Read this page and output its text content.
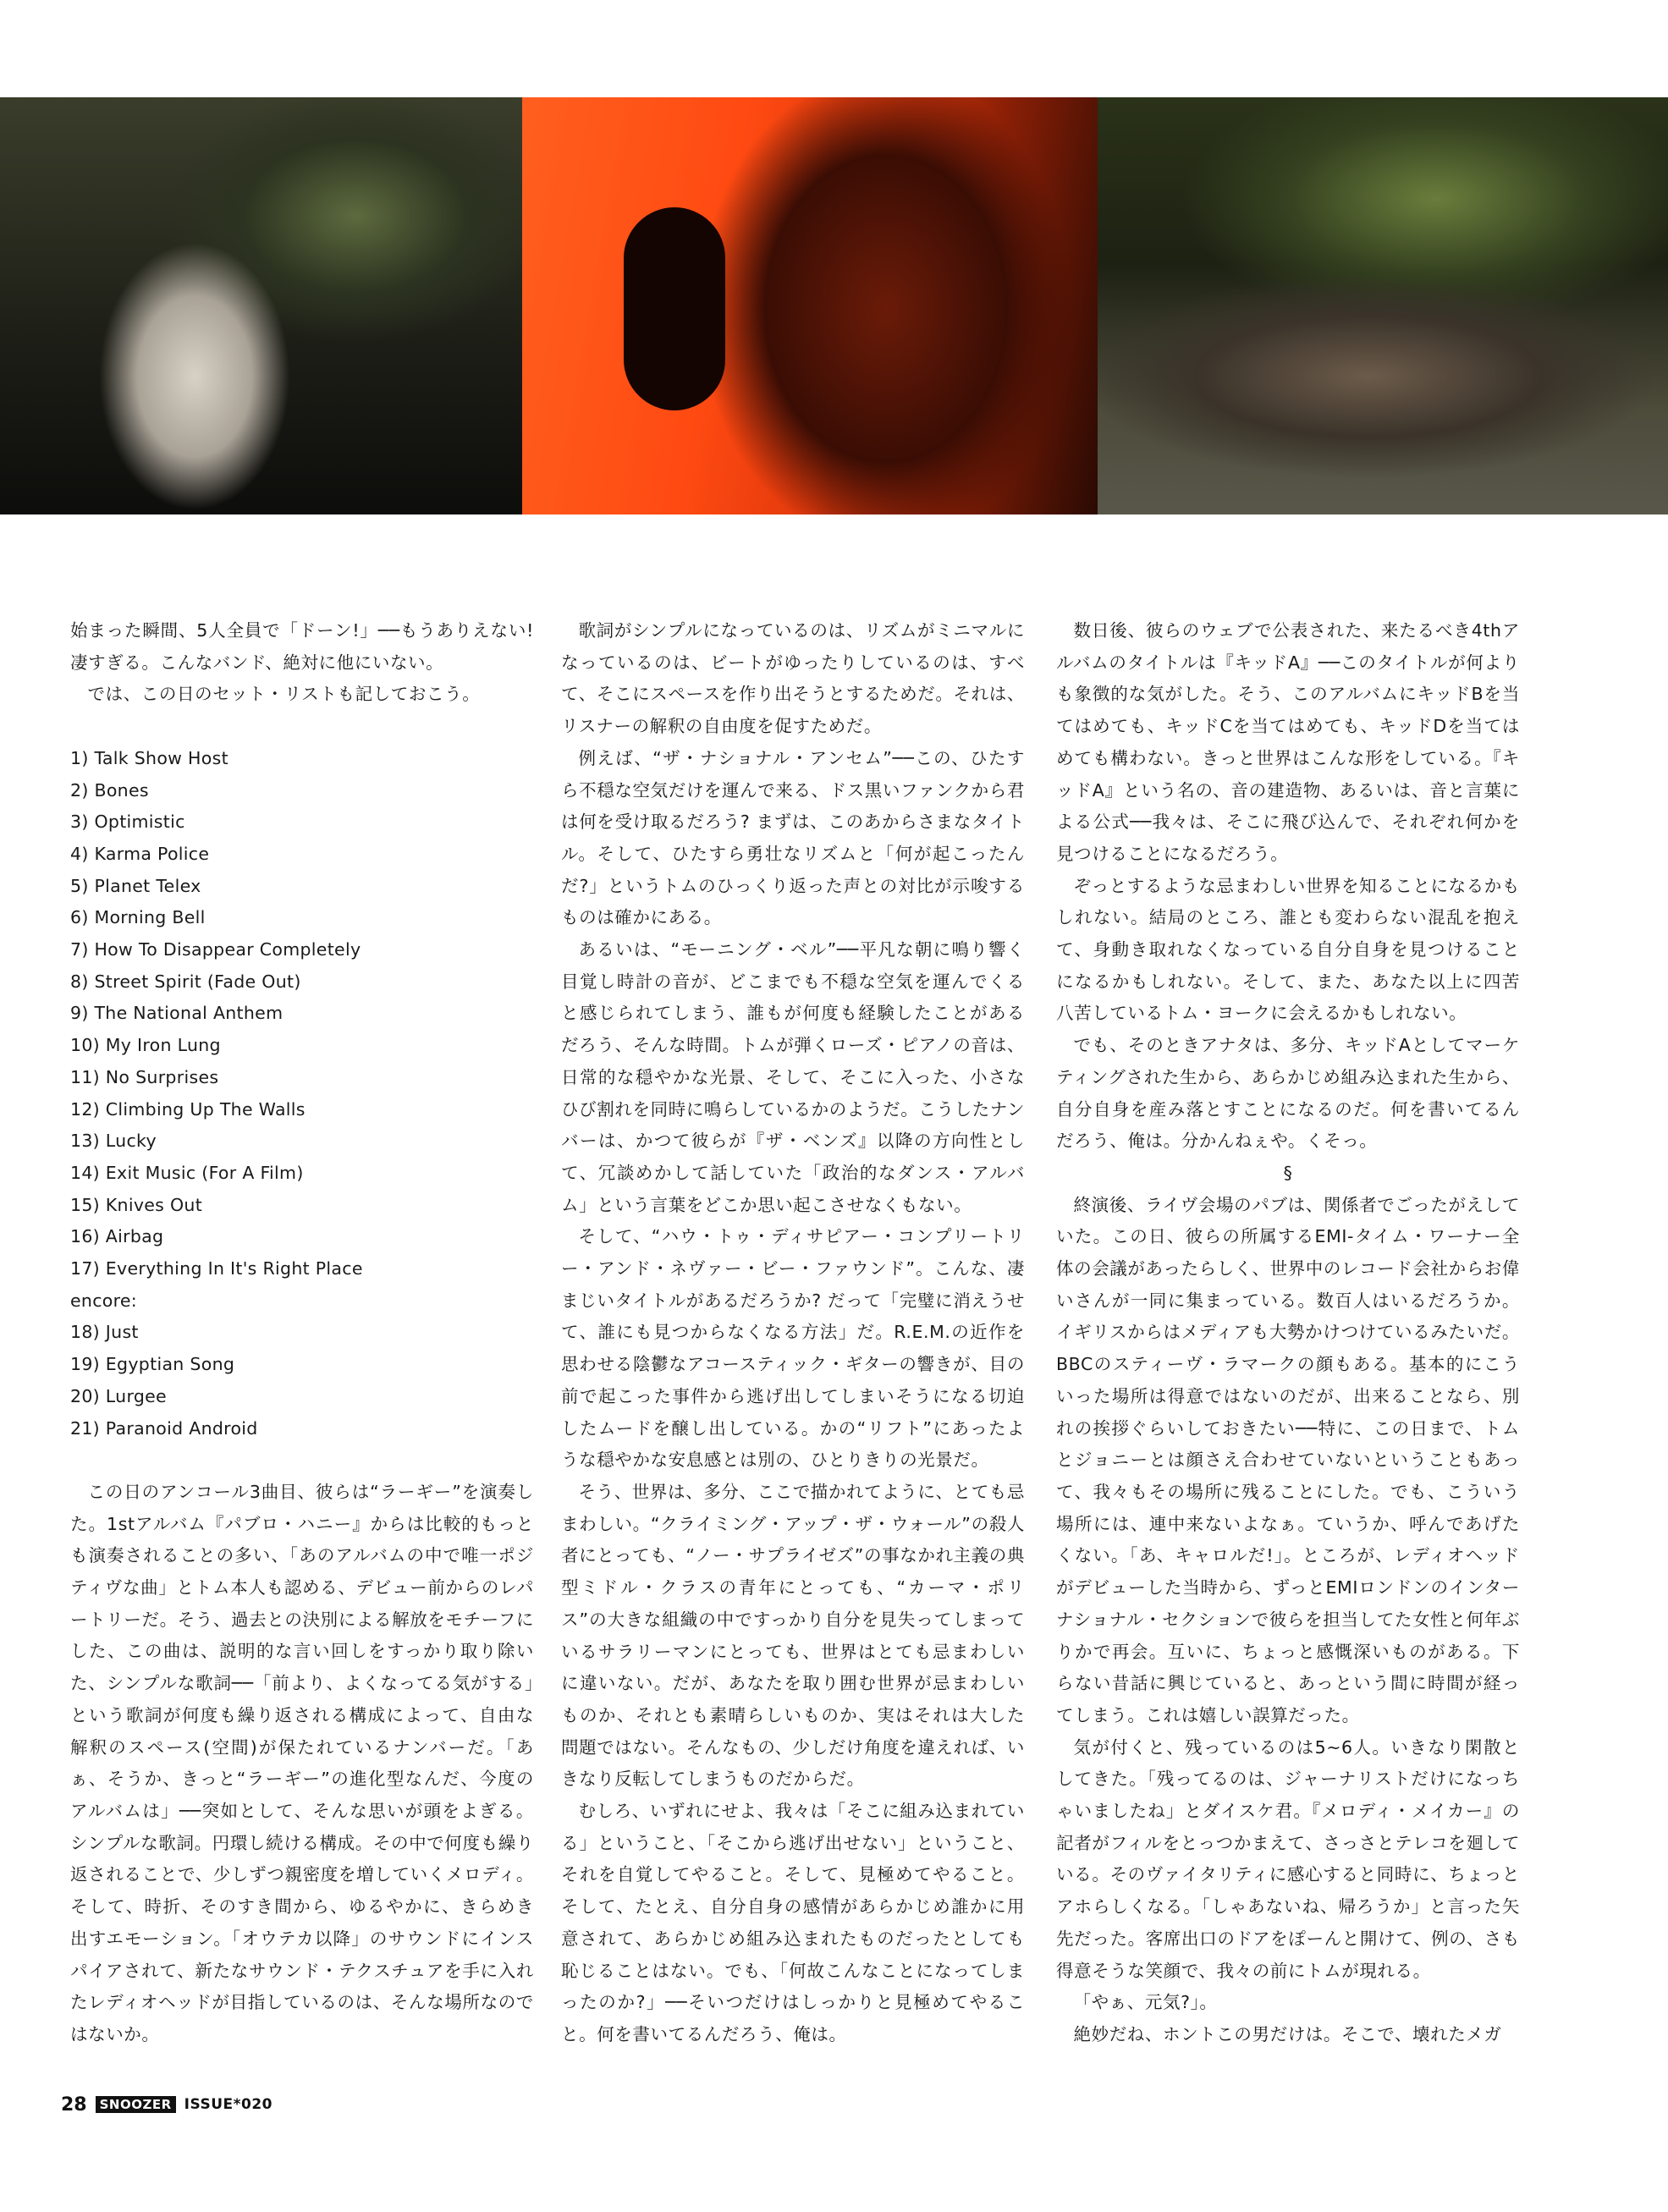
始まった瞬間、5人全員で「ドーン!」──もうありえない! 凄すぎる。こんなバンド、絶対に他にいない。

では、この日のセット・リストも記しておこう。

1) Talk Show Host
2) Bones
3) Optimistic
4) Karma Police
5) Planet Telex
6) Morning Bell
7) How To Disappear Completely
8) Street Spirit (Fade Out)
9) The National Anthem
10) My Iron Lung
11) No Surprises
12) Climbing Up The Walls
13) Lucky
14) Exit Music (For A Film)
15) Knives Out
16) Airbag
17) Everything In It's Right Place
encore:
18) Just
19) Egyptian Song
20) Lurgee
21) Paranoid Android

この日のアンコール3曲目、彼らは“ラーギー”を演奏した。1stアルバム『パブロ・ハニー』からは比較的もっとも演奏されることの多い、「あのアルバムの中で唯一ポジティヴな曲」とトム本人も認める、デビュー前からのレパートリーだ。そう、過去との決別による解放をモチーフにした、この曲は、説明的な言い回しをすっかり取り除いた、シンプルな歌詞──「前より、よくなってる気がする」という歌詞が何度も繰り返される構成によって、自由な解釈のスペース(空間)が保たれているナンバーだ。「あぁ、そうか、きっと“ラーギー”の進化型なんだ、今度のアルバムは」──突如として、そんな思いが頭をよぎる。シンプルな歌詞。円環し続ける構成。その中で何度も繰り返されることで、少しずつ親密度を増していくメロディ。そして、時折、そのすき間から、ゆるやかに、きらめき出すエモーション。「オウテカ以降」のサウンドにインスパイアされて、新たなサウンド・テクスチュアを手に入れたレディオヘッドが目指しているのは、そんな場所なのではないか。

歌詞がシンプルになっているのは、リズムがミニマルになっているのは、ビートがゆったりしているのは、すべて、そこにスペースを作り出そうとするためだ。それは、リスナーの解釈の自由度を促すためだ。

例えば、“ザ・ナショナル・アンセム”──この、ひたすら不穏な空気だけを運んで来る、ドス黒いファンクから君は何を受け取るだろう? まずは、このあからさまなタイトル。そして、ひたすら勇壮なリズムと「何が起こったんだ?」というトムのひっくり返った声との対比が示唆するものは確かにある。

あるいは、“モーニング・ベル”──平凡な朝に鳴り響く目覚し時計の音が、どこまでも不穏な空気を運んでくると感じられてしまう、誰もが何度も経験したことがあるだろう、そんな時間。トムが弾くローズ・ピアノの音は、日常的な穏やかな光景、そして、そこに入った、小さなひび割れを同時に鳴らしているかのようだ。こうしたナンバーは、かつて彼らが『ザ・ベンズ』以降の方向性として、冗談めかして話していた「政治的なダンス・アルバム」という言葉をどこか思い起こさせなくもない。

そして、“ハウ・トゥ・ディサピアー・コンプリートリー・アンド・ネヴァー・ビー・ファウンド”。こんな、凄まじいタイトルがあるだろうか? だって「完璧に消えうせて、誰にも見つからなくなる方法」だ。R.E.M.の近作を思わせる陰鬱なアコースティック・ギターの響きが、目の前で起こった事件から逃げ出してしまいそうになる切迫したムードを醸し出している。かの“リフト”にあったような穏やかな安息感とは別の、ひとりきりの光景だ。

そう、世界は、多分、ここで描かれてように、とても忌まわしい。“クライミング・アップ・ザ・ウォール”の殺人者にとっても、“ノー・サプライゼズ”の事なかれ主義の典型ミドル・クラスの青年にとっても、“カーマ・ポリス”の大きな組織の中ですっかり自分を見失ってしまっているサラリーマンにとっても、世界はとても忌まわしいに違いない。だが、あなたを取り囲む世界が忌まわしいものか、それとも素晴らしいものか、実はそれは大した問題ではない。そんなもの、少しだけ角度を違えれば、いきなり反転してしまうものだからだ。

むしろ、いずれにせよ、我々は「そこに組み込まれている」ということ、「そこから逃げ出せない」ということ、それを自覚してやること。そして、見極めてやること。そして、たとえ、自分自身の感情があらかじめ誰かに用意されて、あらかじめ組み込まれたものだったとしても恥じることはない。でも、「何故こんなことになってしまったのか?」──そいつだけはしっかりと見極めてやること。何を書いてるんだろう、俺は。

数日後、彼らのウェブで公表された、来たるべき4thアルバムのタイトルは『キッドA』──このタイトルが何よりも象徴的な気がした。そう、このアルバムにキッドBを当てはめても、キッドCを当てはめても、キッドDを当てはめても構わない。きっと世界はこんな形をしている。『キッドA』という名の、音の建造物、あるいは、音と言葉による公式──我々は、そこに飛び込んで、それぞれ何かを見つけることになるだろう。

ぞっとするような忌まわしい世界を知ることになるかもしれない。結局のところ、誰とも変わらない混乱を抱えて、身動き取れなくなっている自分自身を見つけることになるかもしれない。そして、また、あなた以上に四苦八苦しているトム・ヨークに会えるかもしれない。

でも、そのときアナタは、多分、キッドAとしてマーケティングされた生から、あらかじめ組み込まれた生から、自分自身を産み落とすことになるのだ。何を書いてるんだろう、俺は。分かんねぇや。くそっ。

§

終演後、ライヴ会場のパブは、関係者でごったがえしていた。この日、彼らの所属するEMI-タイム・ワーナー全体の会議があったらしく、世界中のレコード会社からお偉いさんが一同に集まっている。数百人はいるだろうか。イギリスからはメディアも大勢かけつけているみたいだ。BBCのスティーヴ・ラマークの顔もある。基本的にこういった場所は得意ではないのだが、出来ることなら、別れの挨拶ぐらいしておきたい──特に、この日まで、トムとジョニーとは顔さえ合わせていないということもあって、我々もその場所に残ることにした。でも、こういう場所には、連中来ないよなぁ。ていうか、呼んであげたくない。「あ、キャロルだ!」。ところが、レディオヘッドがデビューした当時から、ずっとEMIロンドンのインターナショナル・セクションで彼らを担当してた女性と何年ぶりかで再会。互いに、ちょっと感慨深いものがある。下らない昔話に興じていると、あっという間に時間が経ってしまう。これは嬉しい誤算だった。

気が付くと、残っているのは5~6人。いきなり閑散としてきた。「残ってるのは、ジャーナリストだけになっちゃいましたね」とダイスケ君。『メロディ・メイカー』の記者がフィルをとっつかまえて、さっさとテレコを廻している。そのヴァイタリティに感心すると同時に、ちょっとアホらしくなる。「しゃあないね、帰ろうか」と言った矢先だった。客席出口のドアをぽーんと開けて、例の、さも得意そうな笑顔で、我々の前にトムが現れる。

「やぁ、元気?」。

絶妙だね、ホントこの男だけは。そこで、壊れたメガ

28	SNOOZER ISSUE*020
